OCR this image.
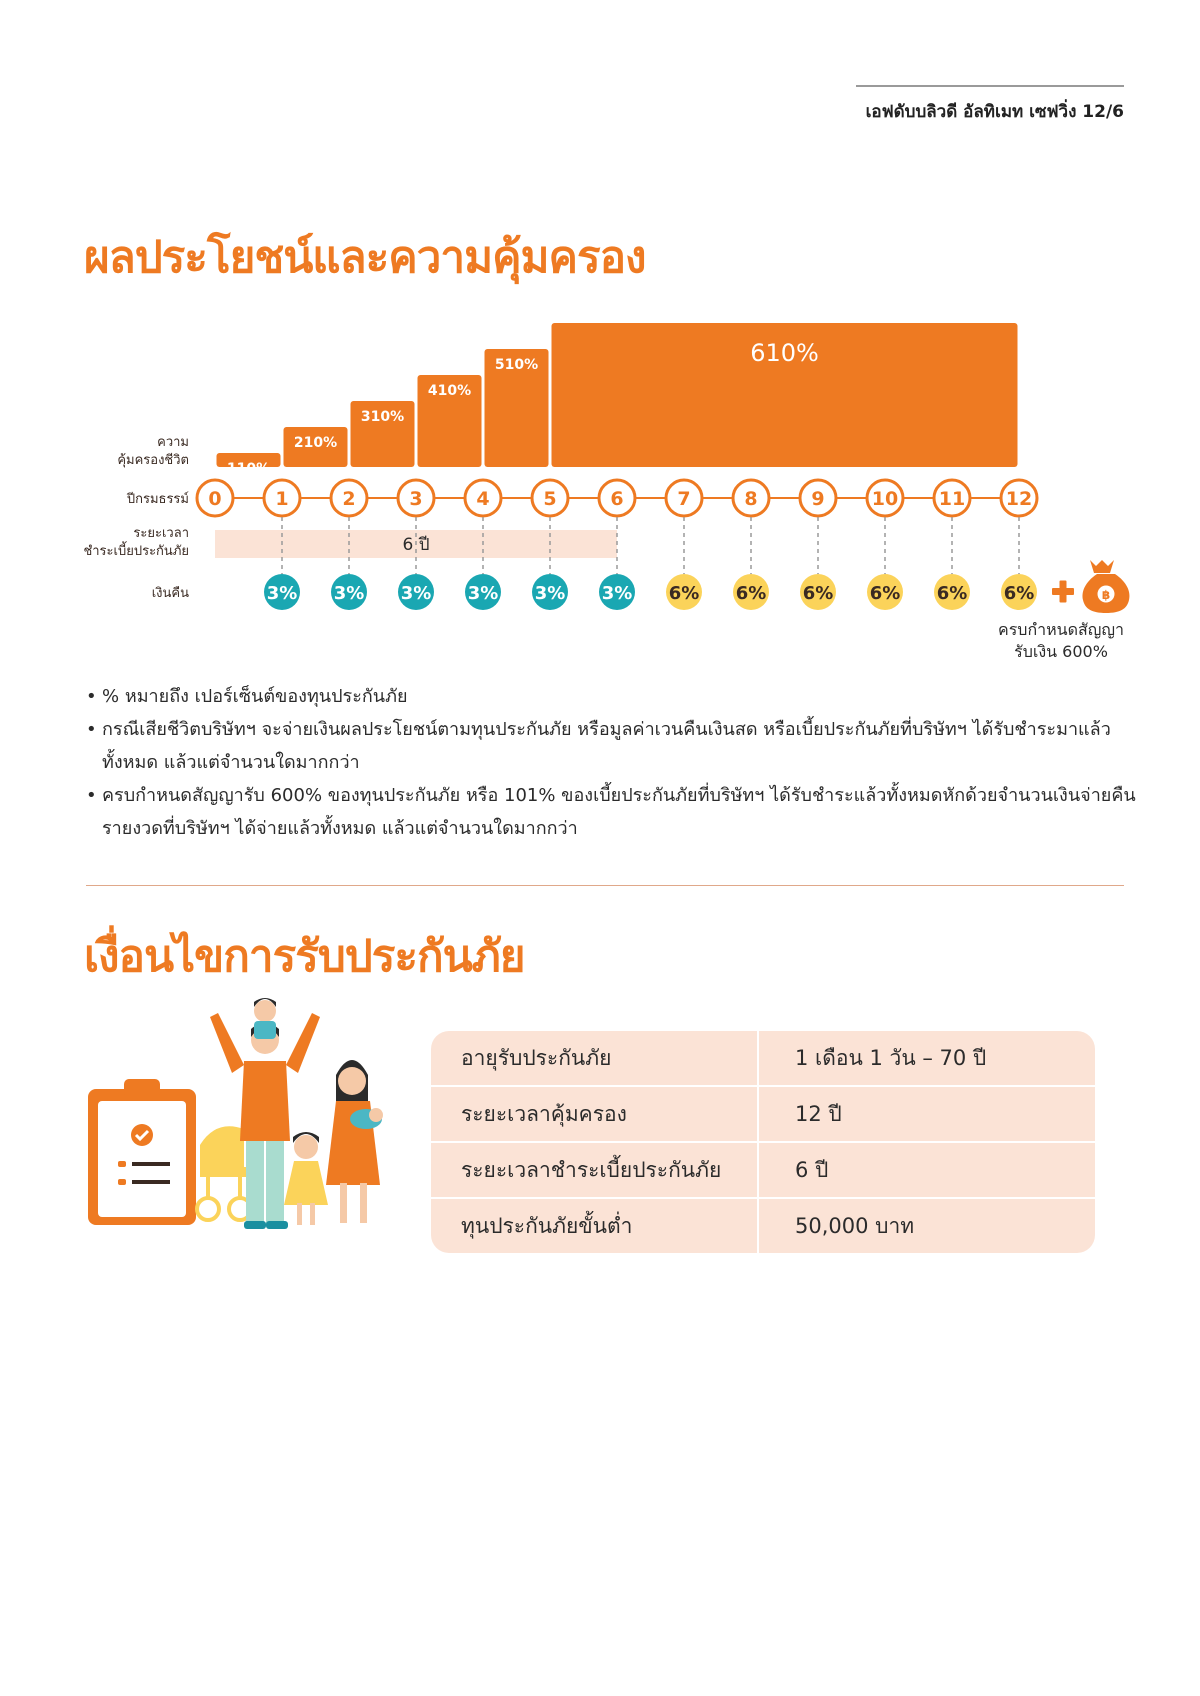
เอฟดับบลิวดี อัลทิเมท เซฟวิ่ง 12/6
ผลประโยชน์และความคุ้มครอง
ความ
คุ้มครองชีวิต
ปีกรมธรรม์
ระยะเวลา
ชำระเบี้ยประกันภัย
เงินคืน
110%
210%
310%
410%
510%	610%
0	1	2	3	4	5	6	7	8	9 10 11 12
6 ปี
3% 3% 3% 3% 3% 3% 6% 6% 6% 6% 6% 6%	฿
ครบกำหนดสัญญา
รับเงิน 600%
• % หมายถึง เปอร์เซ็นต์ของทุนประกันภัย
• กรณีเสียชีวิตบริษัทฯ จะจ่ายเงินผลประโยชน์ตามทุนประกันภัย หรือมูลค่าเวนคืนเงินสด หรือเบี้ยประกันภัยที่บริษัทฯ ได้รับชำระมาแล้วทั้งหมด แล้วแต่จำนวนใดมากกว่า
• ครบกำหนดสัญญารับ 600% ของทุนประกันภัย หรือ 101% ของเบี้ยประกันภัยที่บริษัทฯ ได้รับชำระแล้วทั้งหมดหักด้วยจำนวนเงินจ่ายคืนรายงวดที่บริษัทฯ ได้จ่ายแล้วทั้งหมด แล้วแต่จำนวนใดมากกว่า
เงื่อนไขการรับประกันภัย
อายุรับประกันภัย	1 เดือน 1 วัน – 70 ปี
ระยะเวลาคุ้มครอง	12 ปี
ระยะเวลาชำระเบี้ยประกันภัย	6 ปี
ทุนประกันภัยขั้นต่ำ	50,000 บาท
